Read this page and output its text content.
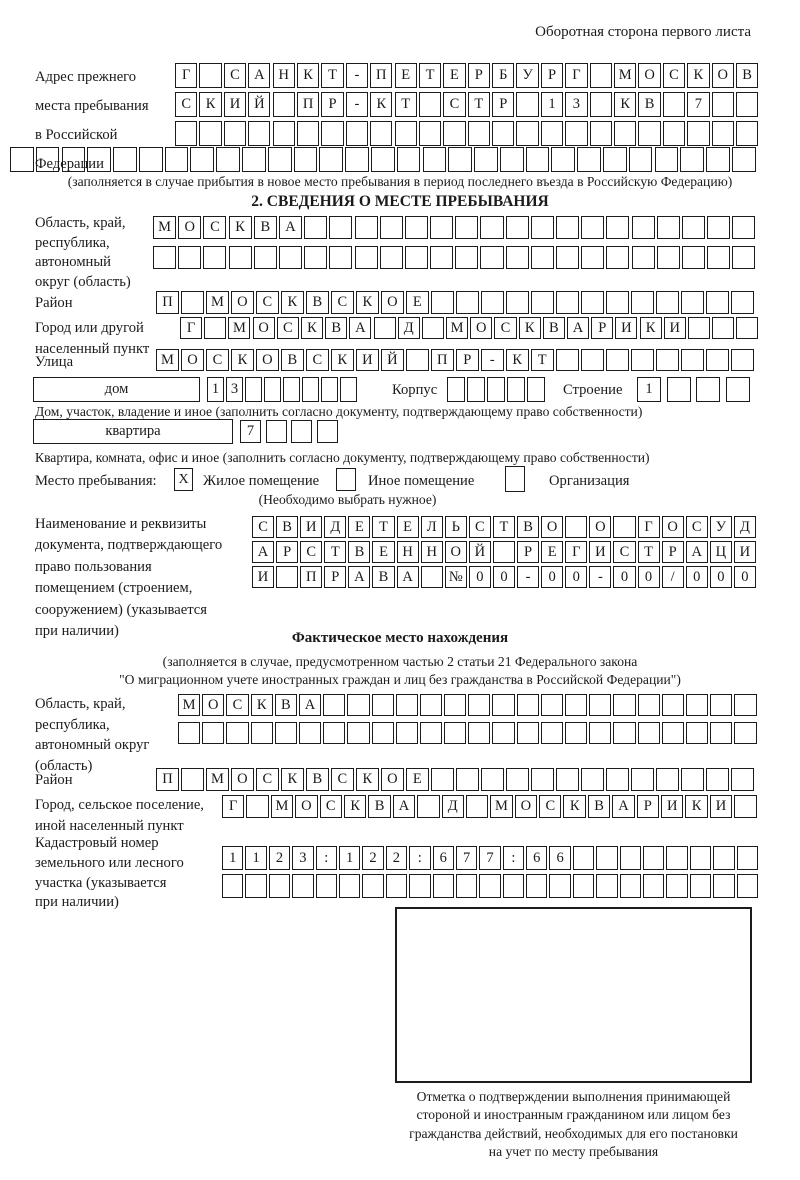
Оборотная сторона первого листа
Адрес прежнего
места пребывания
в Российской
Федерации
Г	С А Н К	Т	-	П	Е	Т	Е	Р	Б	У	Р	Г	М О С	К О В
С	К И Й	П	Р	-	К	Т	С	Т	Р	1	3	К	В	7
(заполняется в случае прибытия в новое место пребывания в период последнего въезда в Российскую Федерацию)
2. СВЕДЕНИЯ О МЕСТЕ ПРЕБЫВАНИЯ
Область, край,
республика,
автономный
округ (область)
М О	С	К	В	А
Район	П	М О	С	К	В	С	К	О	Е
Город или другой
населенный пункт
Г	М О С	К	В А	Д	М О С	К	В А	Р	И К И
Улица	М О	С	К	О	В	С	К	И	Й	П	Р	-	К	Т
дом	1 3	Корпус	Строение	1
Дом, участок, владение и иное (заполнить согласно документу, подтверждающему право собственности)
квартира	7
Квартира, комната, офис и иное (заполнить согласно документу, подтверждающему право собственности)
Место пребывания:	Х Жилое помещение	Иное помещение	Организация
(Необходимо выбрать нужное)
Наименование и реквизиты
документа, подтверждающего
право пользования
помещением (строением,
сооружением) (указывается
при наличии)
С В И Д	Е	Т	Е	Л	Ь	С	Т	В О	О	Г	О С У Д
А	Р	С	Т	В	Е Н Н О Й	Р	Е	Г	И С	Т	Р	А Ц И
И	П	Р	А В А	№ 0	0	-	0	0	-	0	0	/	0	0	0
Фактическое место нахождения
(заполняется в случае, предусмотренном частью 2 статьи 21 Федерального закона
"О миграционном учете иностранных граждан и лиц без гражданства в Российской Федерации")
Область, край,
республика,
автономный округ
(область)
М О С	К	В А
Район	П	М О	С	К	В	С	К	О	Е
Город, сельское поселение,
иной населенный пункт
Г	М О С	К	В А	Д	М О С	К	В А	Р	И К И
Кадастровый номер
земельного или лесного
участка (указывается
при наличии)
1	1	2	3	:	1	2	2	:	6	7	7	:	6	6
Отметка о подтверждении выполнения принимающей
стороной и иностранным гражданином или лицом без
гражданства действий, необходимых для его постановки
на учет по месту пребывания
